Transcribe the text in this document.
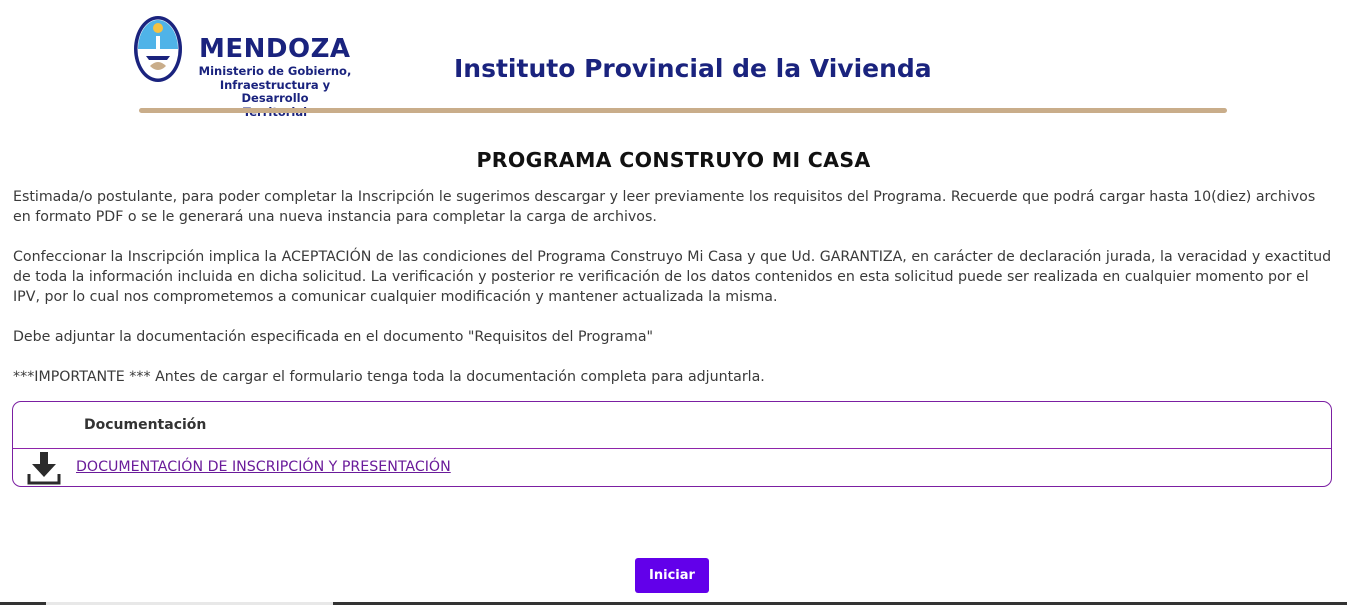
MENDOZA
Ministerio de Gobierno,
Infraestructura y Desarrollo
Instituto Provincial de la Vivienda
PROGRAMA CONSTRUYO MI CASA

Estimada/o postulante, para poder completar la Inscripción le sugerimos descargar y leer previamente los requisitos del Programa. Recuerde que podrá cargar hasta 10(diez) archivos en formato PDF o se le generará una nueva instancia para completar la carga de archivos.

Confeccionar la Inscripción implica la ACEPTACIÓN de las condiciones del Programa Construyo Mi Casa y que Ud. GARANTIZA, en carácter de declaración jurada, la veracidad y exactitud de toda la información incluida en dicha solicitud. La verificación y posterior re verificación de los datos contenidos en esta solicitud puede ser realizada en cualquier momento por el IPV, por lo cual nos comprometemos a comunicar cualquier modificación y mantener actualizada la misma.

Debe adjuntar la documentación especificada en el documento "Requisitos del Programa"

***IMPORTANTE *** Antes de cargar el formulario tenga toda la documentación completa para adjuntarla.

Documentación
DOCUMENTACIÓN DE INSCRIPCIÓN Y PRESENTACIÓN
Iniciar
